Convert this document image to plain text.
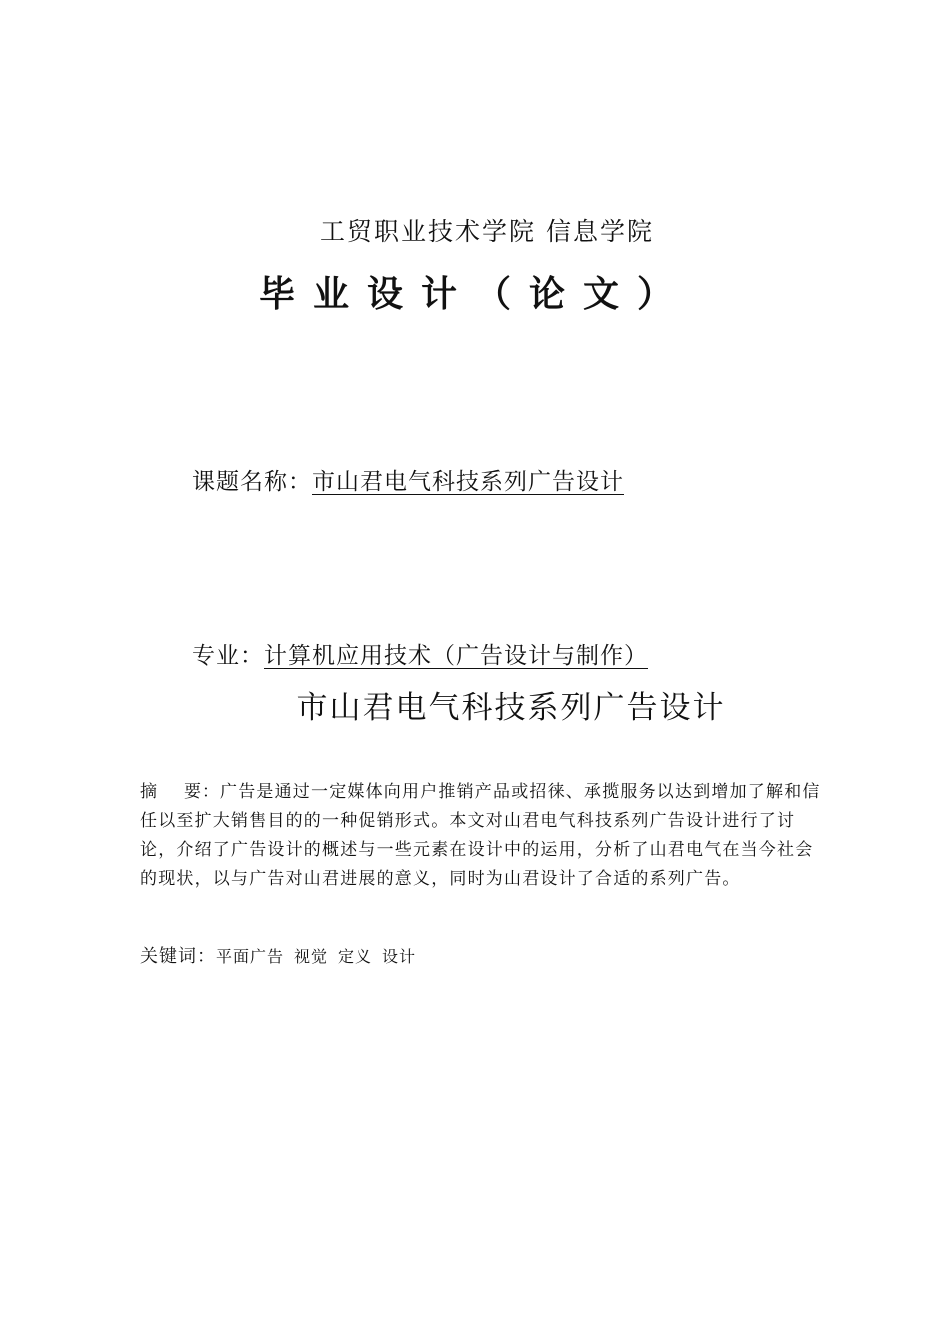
工贸职业技术学院 信息学院
毕业设计（论文）
课题名称：市山君电气科技系列广告设计
专业：计算机应用技术（广告设计与制作）
市山君电气科技系列广告设计
摘 要：广告是通过一定媒体向用户推销产品或招徕、承揽服务以达到增加了解和信任以至扩大销售目的的一种促销形式。本文对山君电气科技系列广告设计进行了讨论，介绍了广告设计的概述与一些元素在设计中的运用，分析了山君电气在当今社会的现状，以与广告对山君进展的意义，同时为山君设计了合适的系列广告。
关键词：平面广告 视觉 定义 设计
